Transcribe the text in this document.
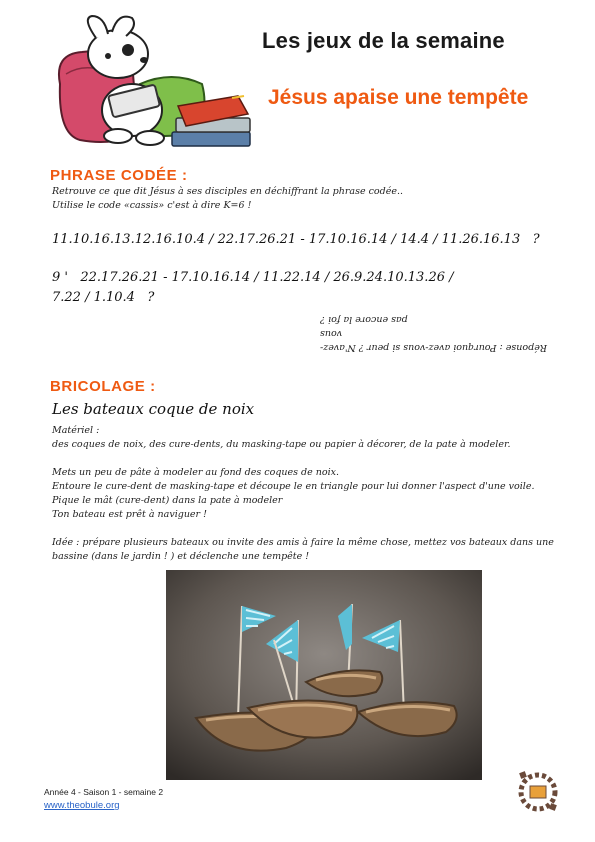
Les jeux de la semaine
Jésus apaise une tempête
PHRASE CODÉE :
Retrouve ce que dit Jésus à ses disciples en déchiffrant la phrase codée..
Utilise le code «cassis» c'est à dire K=6 !
11.10.16.13.12.16.10.4 / 22.17.26.21 - 17.10.16.14 / 14.4 / 11.26.16.13   ?
9 '   22.17.26.21 - 17.10.16.14 / 11.22.14 / 26.9.24.10.13.26 /
7.22 / 1.10.4   ?
Réponse : Pourquoi avez-vous si peur ? N'avez-vous
pas encore la foi ?
BRICOLAGE :
Les bateaux coque de noix
Matériel :
des coques de noix, des cure-dents, du masking-tape ou papier à décorer, de la pate à modeler.
Mets un peu de pâte à modeler au fond des coques de noix.
Entoure le cure-dent de masking-tape et découpe le en triangle pour lui donner l'aspect d'une voile.
Pique le mât (cure-dent) dans la pate à modeler
Ton bateau est prêt à naviguer !
Idée : prépare plusieurs bateaux ou invite des amis à faire la même chose, mettez vos bateaux dans une
bassine (dans le jardin ! ) et déclenche une tempête !
Année 4 - Saison 1 - semaine 2
www.theobule.org
